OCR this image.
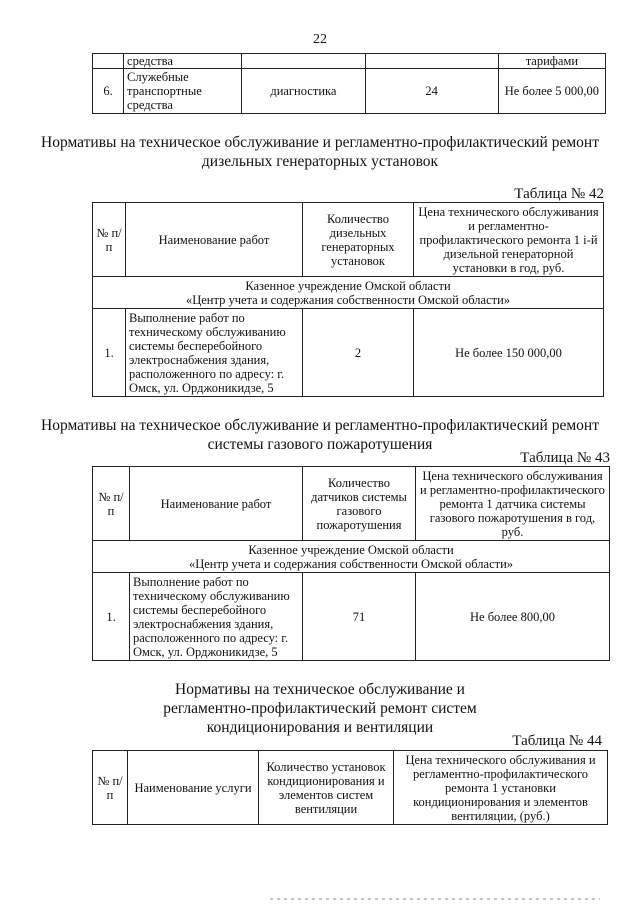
22
	средства			тарифами
6.	Служебные транспортные средства	диагностика	24	Не более 5 000,00
Нормативы на техническое обслуживание и регламентно-профилактический ремонт дизельных генераторных установок
Таблица № 42
№ п/п	Наименование работ	Количество дизельных генераторных установок	Цена технического обслуживания и регламентно-профилактического ремонта 1 i-й дизельной генераторной установки в год, руб.

Казенное учреждение Омской области
«Центр учета и содержания собственности Омской области»			

1.	Выполнение работ по техническому обслуживанию системы бесперебойного электроснабжения здания, расположенного по адресу: г. Омск, ул. Орджоникидзе, 5	2	Не более 150 000,00
Нормативы на техническое обслуживание и регламентно-профилактический ремонт системы газового пожаротушения
Таблица № 43
№ п/п	Наименование работ	Количество датчиков системы газового пожаротушения	Цена технического обслуживания и регламентно-профилактического ремонта 1 датчика системы газового пожаротушения в год, руб.

Казенное учреждение Омской области
«Центр учета и содержания собственности Омской области»			

1.	Выполнение работ по техническому обслуживанию системы бесперебойного электроснабжения здания, расположенного по адресу: г. Омск, ул. Орджоникидзе, 5	71	Не более 800,00
Нормативы на техническое обслуживание и
регламентно-профилактический ремонт систем
кондиционирования и вентиляции
Таблица № 44
№ п/п	Наименование услуги	Количество установок кондиционирования и элементов систем вентиляции	Цена технического обслуживания и регламентно-профилактического ремонта 1 установки кондиционирования и элементов вентиляции, (руб.)
